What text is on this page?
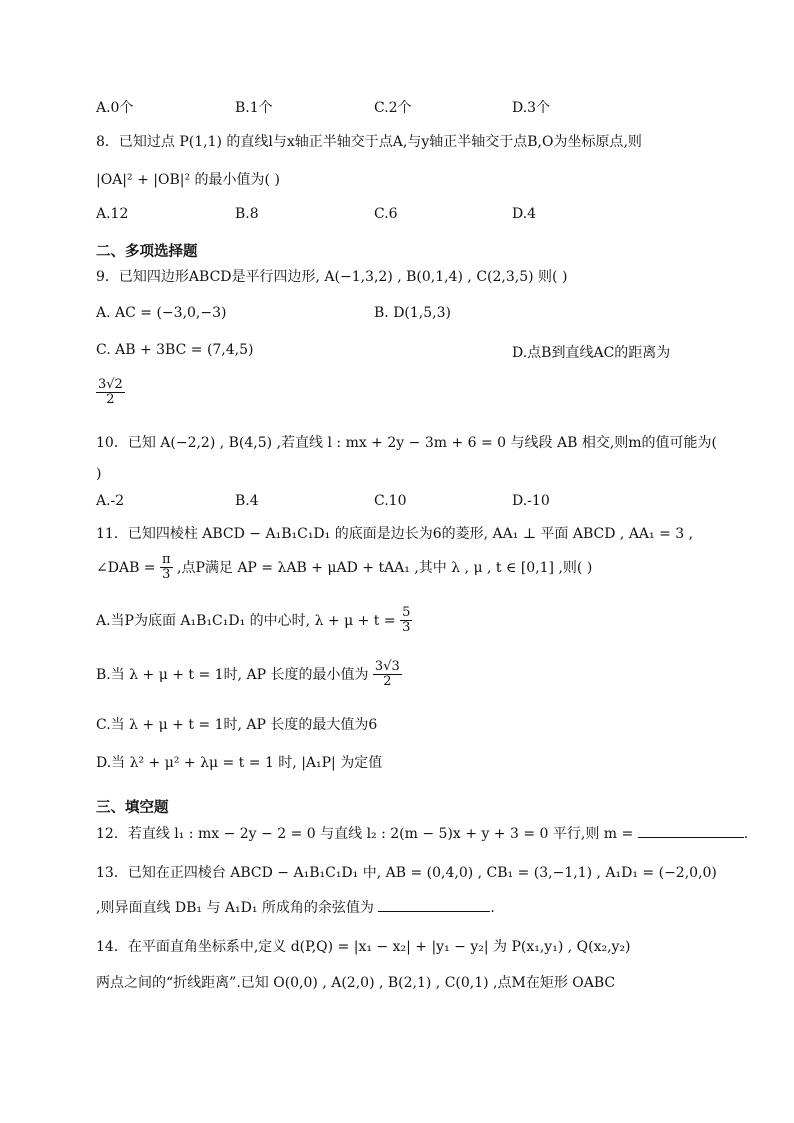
A.0个	B.1个	C.2个	D.3个
8．已知过点 P(1,1) 的直线l与x轴正半轴交于点A,与y轴正半轴交于点B,O为坐标原点,则
|OA|² + |OB|² 的最小值为( )
A.12	B.8	C.6	D.4
二、多项选择题
9．已知四边形ABCD是平行四边形, A(−1,3,2) , B(0,1,4) , C(2,3,5) 则( )
A. AC = (−3,0,−3)	B. D(1,5,3)
C. AB + 3BC = (7,4,5)	D.点B到直线AC的距离为
$\frac{3√2}{2}$
10．已知 A(−2,2) , B(4,5) ,若直线 l : mx + 2y − 3m + 6 = 0 与线段 AB 相交,则m的值可能为(
)
A.-2	B.4	C.10	D.-10
11．已知四棱柱 ABCD − A₁B₁C₁D₁ 的底面是边长为6的菱形, AA₁ ⊥ 平面 ABCD , AA₁ = 3 ,
∠DAB = $\frac{\pi}{3}$ ,点P满足 AP = λAB + μAD + tAA₁ ,其中 λ , μ , t ∈ [0,1] ,则( )
A.当P为底面 A₁B₁C₁D₁ 的中心时, $\lambda + \mu + t = \frac{5}{3}$
B.当 λ + μ + t = 1时, AP 长度的最小值为 $\frac{3√3}{2}$
C.当 λ + μ + t = 1时, AP 长度的最大值为6
D.当 λ² + μ² + λμ = t = 1 时, |A₁P| 为定值
三、填空题
12．若直线 l₁ : mx − 2y − 2 = 0 与直线 l₂ : 2(m − 5)x + y + 3 = 0 平行,则 m =	.
13．已知在正四棱台 ABCD − A₁B₁C₁D₁ 中, AB = (0,4,0) , CB₁ = (3,−1,1) , A₁D₁ = (−2,0,0)
,则异面直线 DB₁ 与 A₁D₁ 所成角的余弦值为	.
14．在平面直角坐标系中,定义 d(P,Q) = |x₁ − x₂| + |y₁ − y₂| 为 P(x₁,y₁) , Q(x₂,y₂)
两点之间的“折线距离”.已知 O(0,0) , A(2,0) , B(2,1) , C(0,1) ,点M在矩形 OABC
